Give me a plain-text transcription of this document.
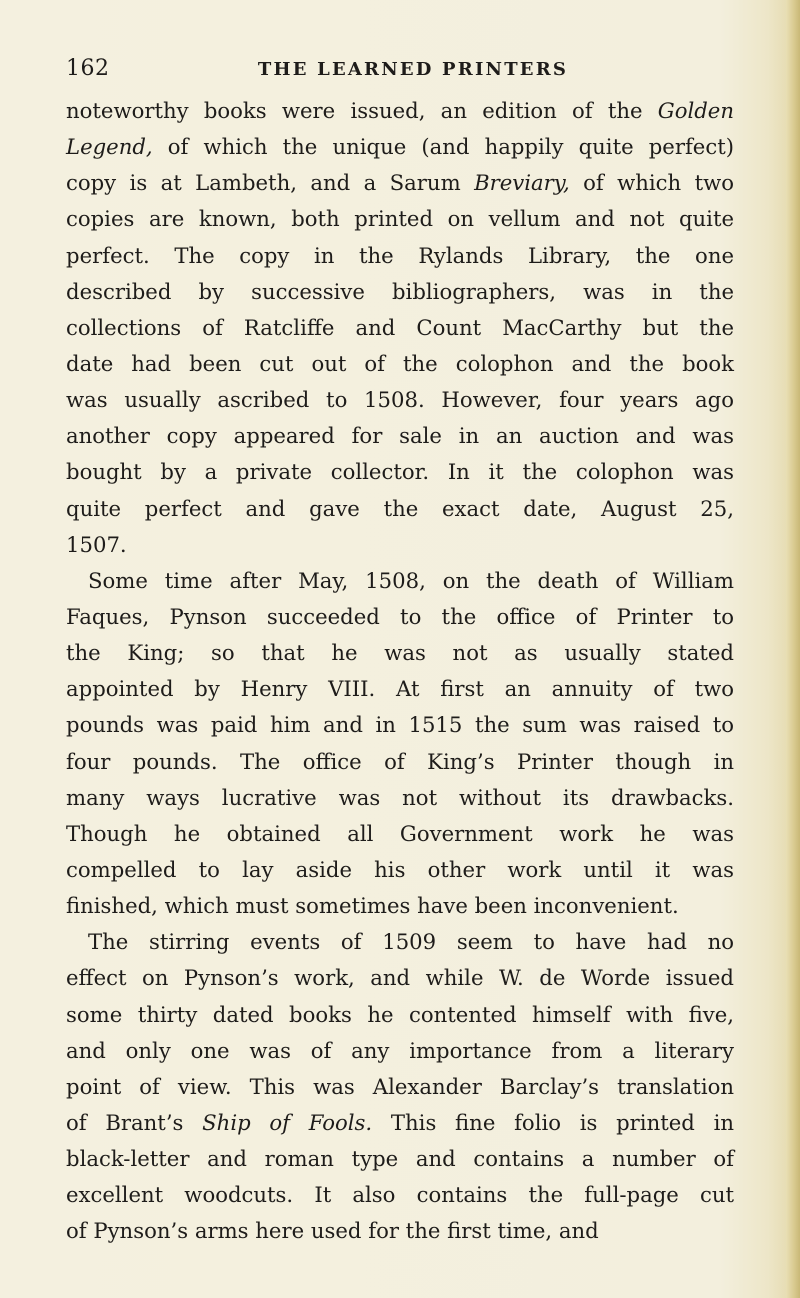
162	THE LEARNED PRINTERS
noteworthy books were issued, an edition of the Golden
Legend, of which the unique (and happily quite perfect)
copy is at Lambeth, and a Sarum Breviary, of which two
copies are known, both printed on vellum and not quite
perfect. The copy in the Rylands Library, the one
described by successive bibliographers, was in the
collections of Ratcliffe and Count MacCarthy but the
date had been cut out of the colophon and the book
was usually ascribed to 1508. However, four years ago
another copy appeared for sale in an auction and was
bought by a private collector. In it the colophon was
quite perfect and gave the exact date, August 25,
1507.
Some time after May, 1508, on the death of William
Faques, Pynson succeeded to the office of Printer to
the King; so that he was not as usually stated
appointed by Henry VIII. At first an annuity of two
pounds was paid him and in 1515 the sum was raised to
four pounds. The office of King’s Printer though in
many ways lucrative was not without its drawbacks.
Though he obtained all Government work he was
compelled to lay aside his other work until it was
finished, which must sometimes have been inconvenient.
The stirring events of 1509 seem to have had no
effect on Pynson’s work, and while W. de Worde issued
some thirty dated books he contented himself with five,
and only one was of any importance from a literary
point of view. This was Alexander Barclay’s translation
of Brant’s Ship of Fools. This fine folio is printed in
black-letter and roman type and contains a number of
excellent woodcuts. It also contains the full-page cut
of Pynson’s arms here used for the first time, and
